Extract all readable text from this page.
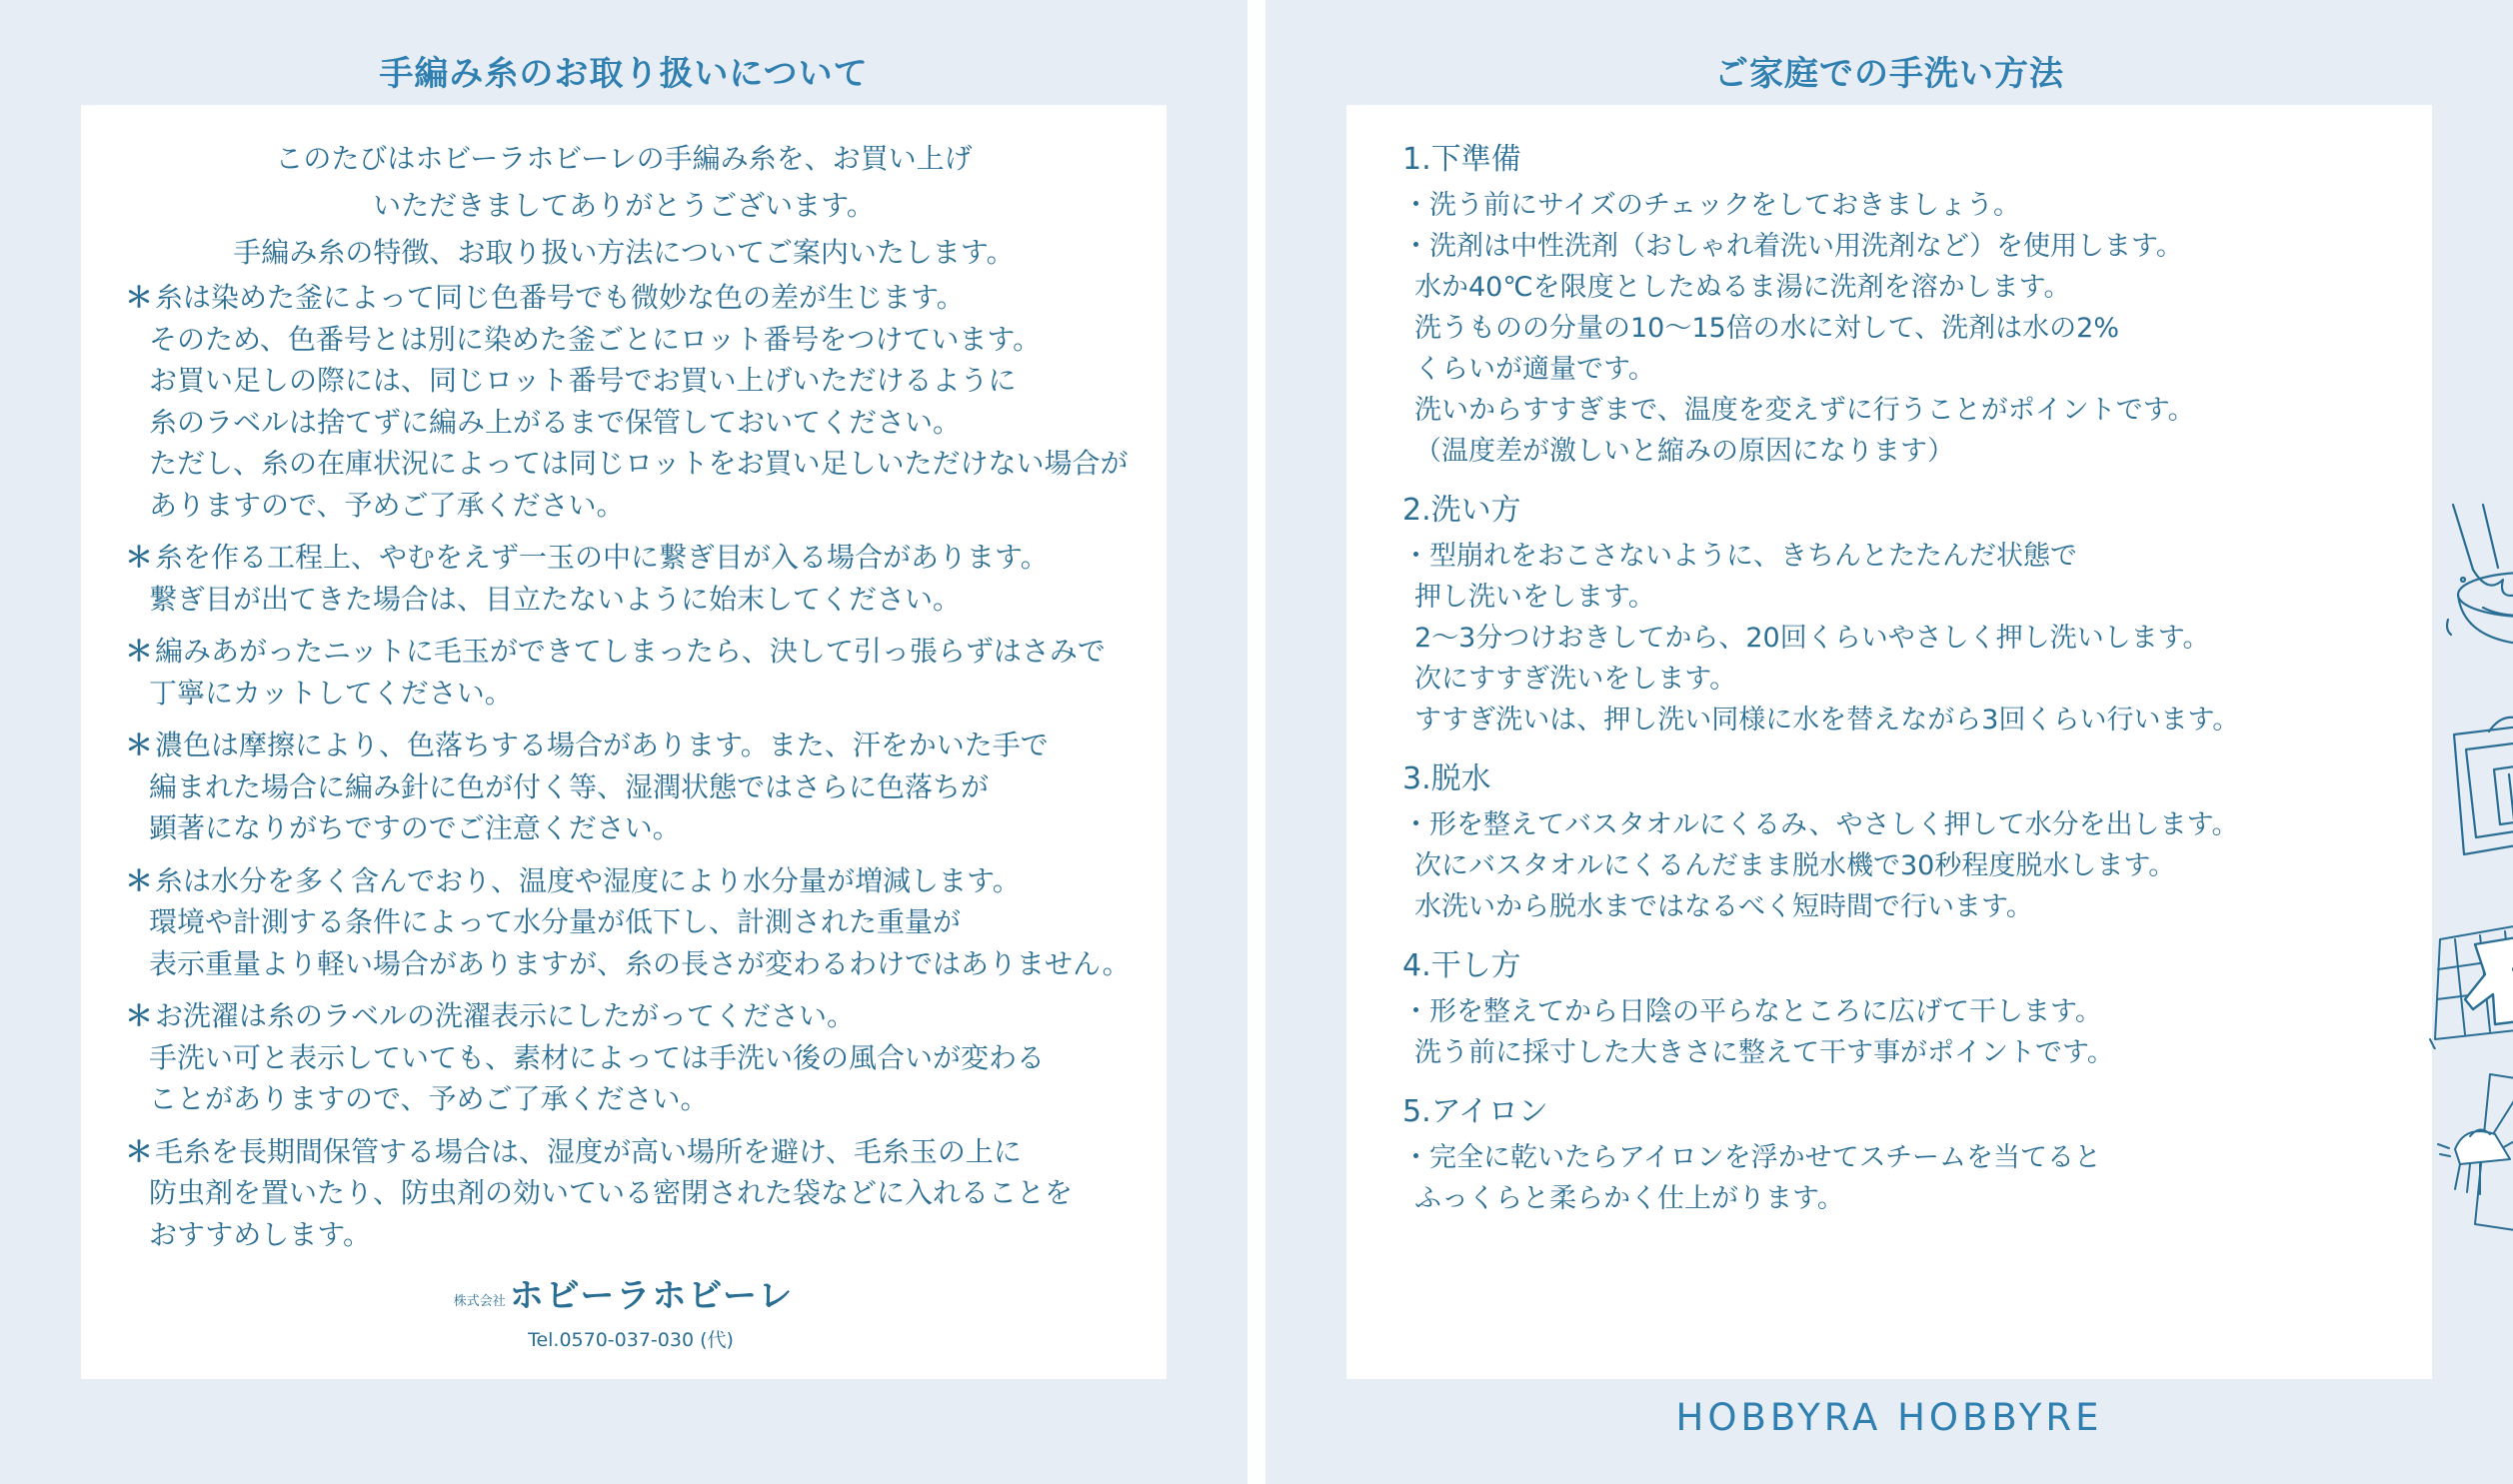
手編み糸のお取り扱いについて
このたびはホビーラホビーレの手編み糸を、お買い上げ
いただきましてありがとうございます。
手編み糸の特徴、お取り扱い方法についてご案内いたします。
＊糸は染めた釜によって同じ色番号でも微妙な色の差が生じます。
そのため、色番号とは別に染めた釜ごとにロット番号をつけています。
お買い足しの際には、同じロット番号でお買い上げいただけるように
糸のラベルは捨てずに編み上がるまで保管しておいてください。
ただし、糸の在庫状況によっては同じロットをお買い足しいただけない場合が
ありますので、予めご了承ください。
＊糸を作る工程上、やむをえず一玉の中に繋ぎ目が入る場合があります。
繋ぎ目が出てきた場合は、目立たないように始末してください。
＊編みあがったニットに毛玉ができてしまったら、決して引っ張らずはさみで
丁寧にカットしてください。
＊濃色は摩擦により、色落ちする場合があります。また、汗をかいた手で
編まれた場合に編み針に色が付く等、湿潤状態ではさらに色落ちが
顕著になりがちですのでご注意ください。
＊糸は水分を多く含んでおり、温度や湿度により水分量が増減します。
環境や計測する条件によって水分量が低下し、計測された重量が
表示重量より軽い場合がありますが、糸の長さが変わるわけではありません。
＊お洗濯は糸のラベルの洗濯表示にしたがってください。
手洗い可と表示していても、素材によっては手洗い後の風合いが変わる
ことがありますので、予めご了承ください。
＊毛糸を長期間保管する場合は、湿度が高い場所を避け、毛糸玉の上に
防虫剤を置いたり、防虫剤の効いている密閉された袋などに入れることを
おすすめします。
株式会社 ホビーラホビーレ
Tel.0570-037-030 (代)
ご家庭での手洗い方法
1.下準備
・洗う前にサイズのチェックをしておきましょう。
・洗剤は中性洗剤（おしゃれ着洗い用洗剤など）を使用します。
水か40℃を限度としたぬるま湯に洗剤を溶かします。
洗うものの分量の10〜15倍の水に対して、洗剤は水の2%
くらいが適量です。
洗いからすすぎまで、温度を変えずに行うことがポイントです。
（温度差が激しいと縮みの原因になります）
2.洗い方
・型崩れをおこさないように、きちんとたたんだ状態で
押し洗いをします。
2〜3分つけおきしてから、20回くらいやさしく押し洗いします。
次にすすぎ洗いをします。
すすぎ洗いは、押し洗い同様に水を替えながら3回くらい行います。
3.脱水
・形を整えてバスタオルにくるみ、やさしく押して水分を出します。
次にバスタオルにくるんだまま脱水機で30秒程度脱水します。
水洗いから脱水まではなるべく短時間で行います。
4.干し方
・形を整えてから日陰の平らなところに広げて干します。
洗う前に採寸した大きさに整えて干す事がポイントです。
5.アイロン
・完全に乾いたらアイロンを浮かせてスチームを当てると
ふっくらと柔らかく仕上がります。
HOBBYRA HOBBYRE
